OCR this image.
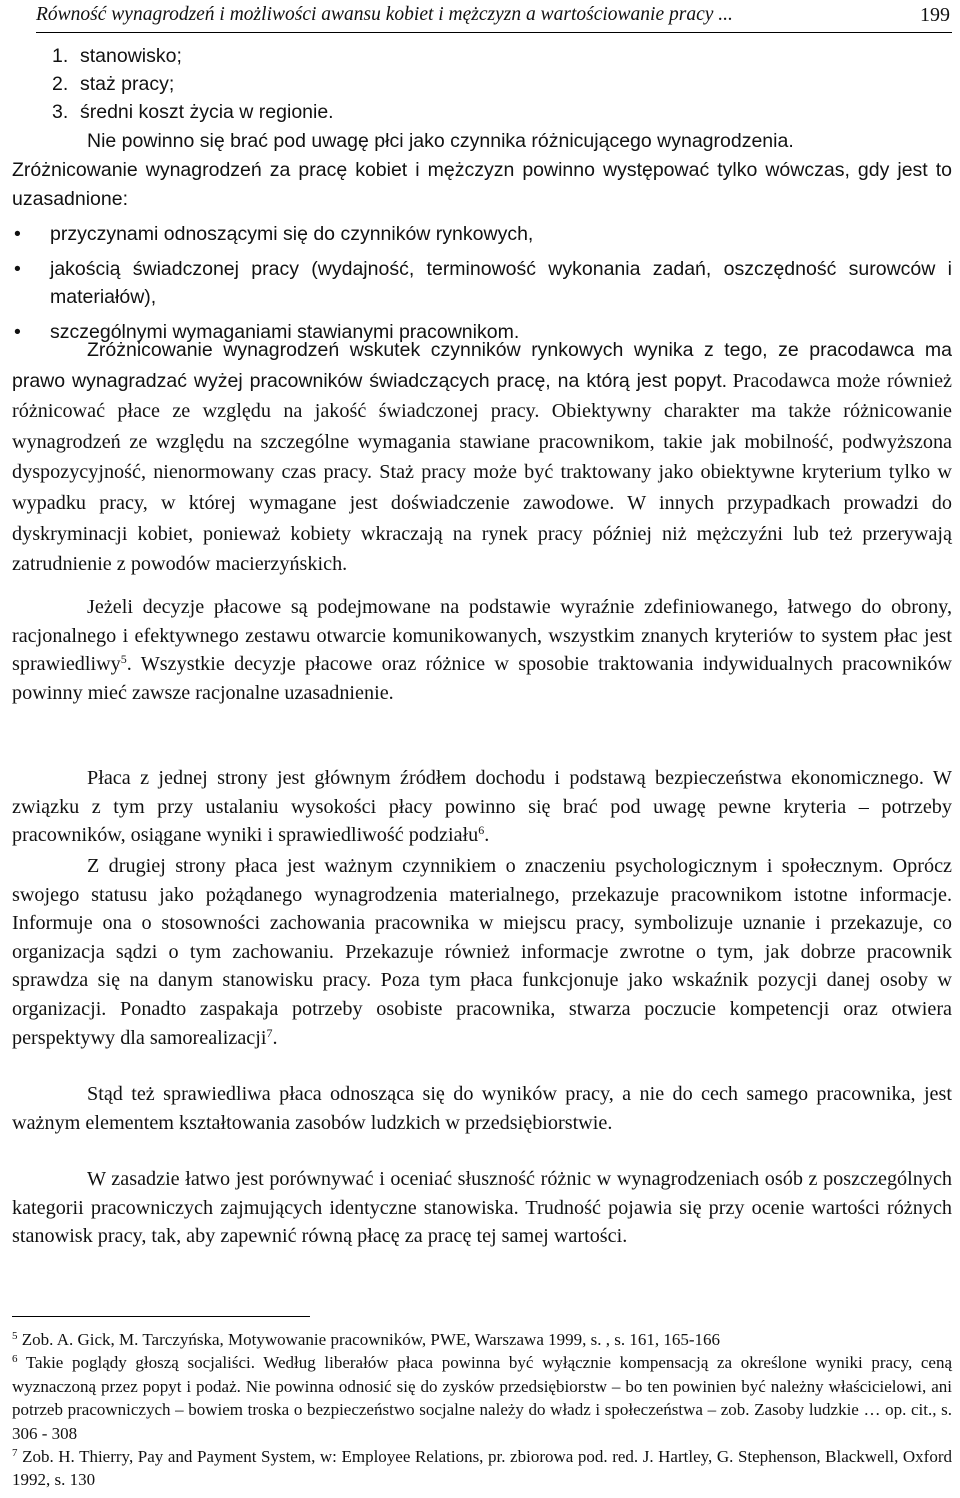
Równość wynagrodzeń i możliwości awansu kobiet i mężczyzn a wartościowanie pracy ...	199
1. stanowisko;
2. staż pracy;
3. średni koszt życia w regionie.
Nie powinno się brać pod uwagę płci jako czynnika różnicującego wynagrodzenia.
Zróżnicowanie wynagrodzeń za pracę kobiet i mężczyzn powinno występować tylko wówczas, gdy jest to uzasadnione:
• przyczynami odnoszącymi się do czynników rynkowych,
• jakością świadczonej pracy (wydajność, terminowość wykonania zadań, oszczędność surowców i materiałów),
• szczególnymi wymaganiami stawianymi pracownikom.
Zróżnicowanie wynagrodzeń wskutek czynników rynkowych wynika z tego, ze pracodawca ma prawo wynagradzać wyżej pracowników świadczących pracę, na którą jest popyt. Pracodawca może również różnicować płace ze względu na jakość świadczonej pracy. Obiektywny charakter ma także różnicowanie wynagrodzeń ze względu na szczególne wymagania stawiane pracownikom, takie jak mobilność, podwyższona dyspozycyjność, nienormowany czas pracy. Staż pracy może być traktowany jako obiektywne kryterium tylko w wypadku pracy, w której wymagane jest doświadczenie zawodowe. W innych przypadkach prowadzi do dyskryminacji kobiet, ponieważ kobiety wkraczają na rynek pracy później niż mężczyźni lub też przerywają zatrudnienie z powodów macierzyńskich.
Jeżeli decyzje płacowe są podejmowane na podstawie wyraźnie zdefiniowanego, łatwego do obrony, racjonalnego i efektywnego zestawu otwarcie komunikowanych, wszystkim znanych kryteriów to system płac jest sprawiedliwy$^5$. Wszystkie decyzje płacowe oraz różnice w sposobie traktowania indywidualnych pracowników powinny mieć zawsze racjonalne uzasadnienie.
Płaca z jednej strony jest głównym źródłem dochodu i podstawą bezpieczeństwa ekonomicznego. W związku z tym przy ustalaniu wysokości płacy powinno się brać pod uwagę pewne kryteria – potrzeby pracowników, osiągane wyniki i sprawiedliwość podziału$^6$.
Z drugiej strony płaca jest ważnym czynnikiem o znaczeniu psychologicznym i społecznym. Oprócz swojego statusu jako pożądanego wynagrodzenia materialnego, przekazuje pracownikom istotne informacje. Informuje ona o stosowności zachowania pracownika w miejscu pracy, symbolizuje uznanie i przekazuje, co organizacja sądzi o tym zachowaniu. Przekazuje również informacje zwrotne o tym, jak dobrze pracownik sprawdza się na danym stanowisku pracy. Poza tym płaca funkcjonuje jako wskaźnik pozycji danej osoby w organizacji. Ponadto zaspakaja potrzeby osobiste pracownika, stwarza poczucie kompetencji oraz otwiera perspektywy dla samorealizacji$^7$.
Stąd też sprawiedliwa płaca odnosząca się do wyników pracy, a nie do cech samego pracownika, jest ważnym elementem kształtowania zasobów ludzkich w przedsiębiorstwie.
W zasadzie łatwo jest porównywać i oceniać słuszność różnic w wynagrodzeniach osób z poszczególnych kategorii pracowniczych zajmujących identyczne stanowiska. Trudność pojawia się przy ocenie wartości różnych stanowisk pracy, tak, aby zapewnić równą płacę za pracę tej samej wartości.

$^5$ Zob. A. Gick, M. Tarczyńska, Motywowanie pracowników, PWE, Warszawa 1999, s. , s. 161, 165-166

$^6$ Takie poglądy głoszą socjaliści. Według liberałów płaca powinna być wyłącznie kompensacją za określone wyniki pracy, ceną wyznaczoną przez popyt i podaż. Nie powinna odnosić się do zysków przedsiębiorstw – bo ten powinien być należny właścicielowi, ani potrzeb pracowniczych – bowiem troska o bezpieczeństwo socjalne należy do władz i społeczeństwa – zob. Zasoby ludzkie … op. cit., s. 306 - 308

$^7$ Zob. H. Thierry, Pay and Payment System, w: Employee Relations, pr. zbiorowa pod. red. J. Hartley, G. Stephenson, Blackwell, Oxford 1992, s. 130
